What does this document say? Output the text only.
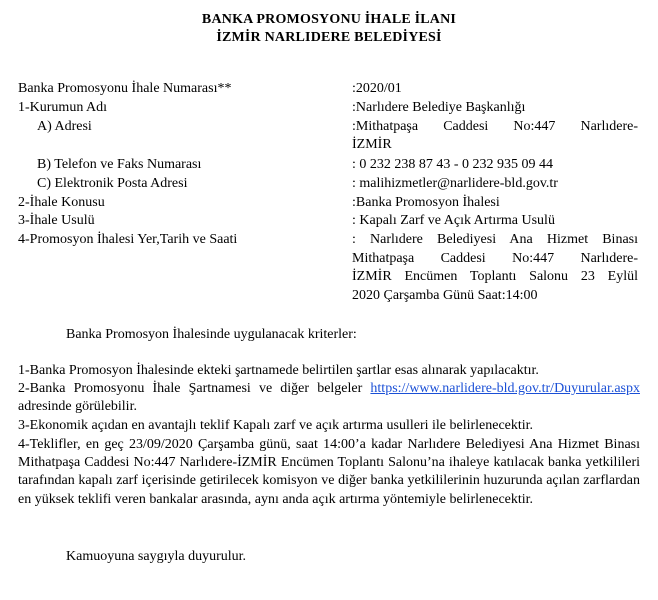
BANKA PROMOSYONU İHALE İLANI
İZMİR NARLIDERE BELEDİYESİ
Banka Promosyonu İhale Numarası**	:2020/01
1-Kurumun Adı	:Narlıdere Belediye Başkanlığı
A) Adresi	:Mithatpaşa Caddesi No:447 Narlıdere-
İZMİR
B) Telefon ve Faks Numarası	: 0 232 238 87 43 - 0 232 935 09 44
C) Elektronik Posta Adresi	: malihizmetler@narlidere-bld.gov.tr
2-İhale Konusu	:Banka Promosyon İhalesi
3-İhale Usulü	: Kapalı Zarf ve Açık Artırma Usulü
4-Promosyon İhalesi Yer,Tarih ve Saati	: Narlıdere Belediyesi Ana Hizmet Binası
Mithatpaşa Caddesi No:447 Narlıdere-
İZMİR Encümen Toplantı Salonu 23 Eylül
2020 Çarşamba Günü Saat:14:00
Banka Promosyon İhalesinde uygulanacak kriterler:
1-Banka Promosyon İhalesinde ekteki şartnamede belirtilen şartlar esas alınarak yapılacaktır.
2-Banka Promosyonu İhale Şartnamesi ve diğer belgeler https://www.narlidere-bld.gov.tr/Duyurular.aspx adresinde görülebilir.
3-Ekonomik açıdan en avantajlı teklif Kapalı zarf ve açık artırma usulleri ile belirlenecektir.
4-Teklifler, en geç 23/09/2020 Çarşamba günü, saat 14:00’a kadar Narlıdere Belediyesi Ana Hizmet Binası Mithatpaşa Caddesi No:447 Narlıdere-İZMİR Encümen Toplantı Salonu’na ihaleye katılacak banka yetkilileri tarafından kapalı zarf içerisinde getirilecek komisyon ve diğer banka yetkililerinin huzurunda açılan zarflardan en yüksek teklifi veren bankalar arasında, aynı anda açık artırma yöntemiyle belirlenecektir.
Kamuoyuna saygıyla duyurulur.
